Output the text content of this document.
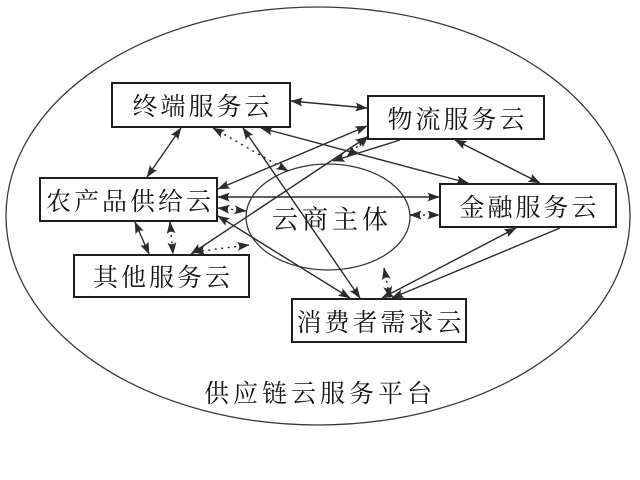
终端服务云	物流服务云
农产品供给云	金融服务云
其他服务云
消费者需求云
云商主体
供应链云服务平台
